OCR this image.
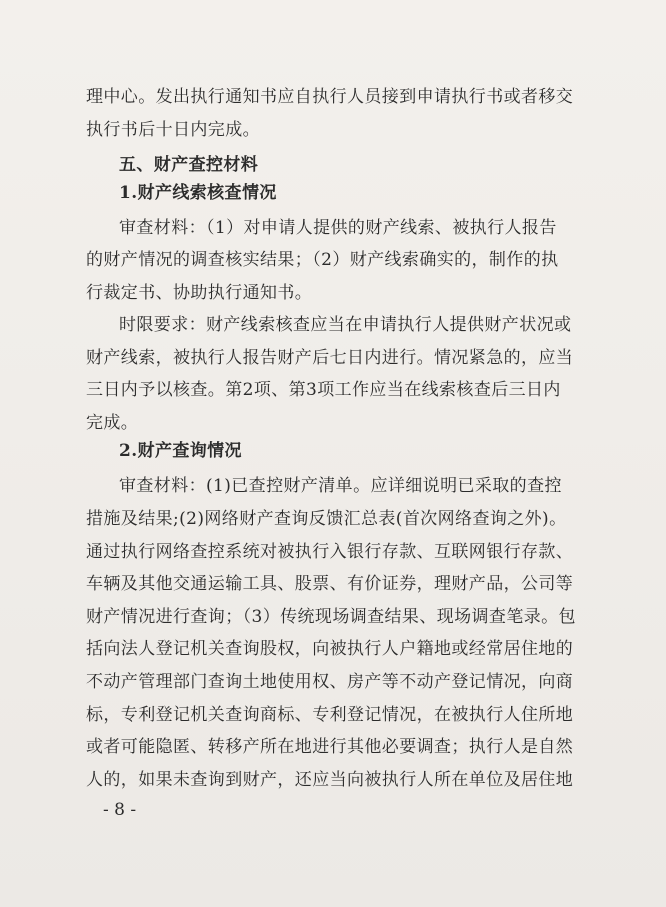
理中心。发出执行通知书应自执行人员接到申请执行书或者移交
执行书后十日内完成。
五、财产查控材料
1.财产线索核查情况
审查材料：（1）对申请人提供的财产线索、被执行人报告
的财产情况的调查核实结果；（2）财产线索确实的，制作的执
行裁定书、协助执行通知书。
时限要求：财产线索核查应当在申请执行人提供财产状况或
财产线索，被执行人报告财产后七日内进行。情况紧急的，应当
三日内予以核查。第2项、第3项工作应当在线索核查后三日内
完成。
2.财产查询情况
审查材料：(1)已查控财产清单。应详细说明已采取的查控
措施及结果;(2)网络财产查询反馈汇总表(首次网络查询之外)。
通过执行网络查控系统对被执行入银行存款、互联网银行存款、
车辆及其他交通运输工具、股票、有价证券，理财产品，公司等
财产情况进行查询；（3）传统现场调查结果、现场调查笔录。包
括向法人登记机关查询股权，向被执行人户籍地或经常居住地的
不动产管理部门查询土地使用权、房产等不动产登记情况，向商
标，专利登记机关查询商标、专利登记情况，在被执行人住所地
或者可能隐匿、转移产所在地进行其他必要调查；执行人是自然
人的，如果未查询到财产，还应当向被执行人所在单位及居住地
- 8 -
